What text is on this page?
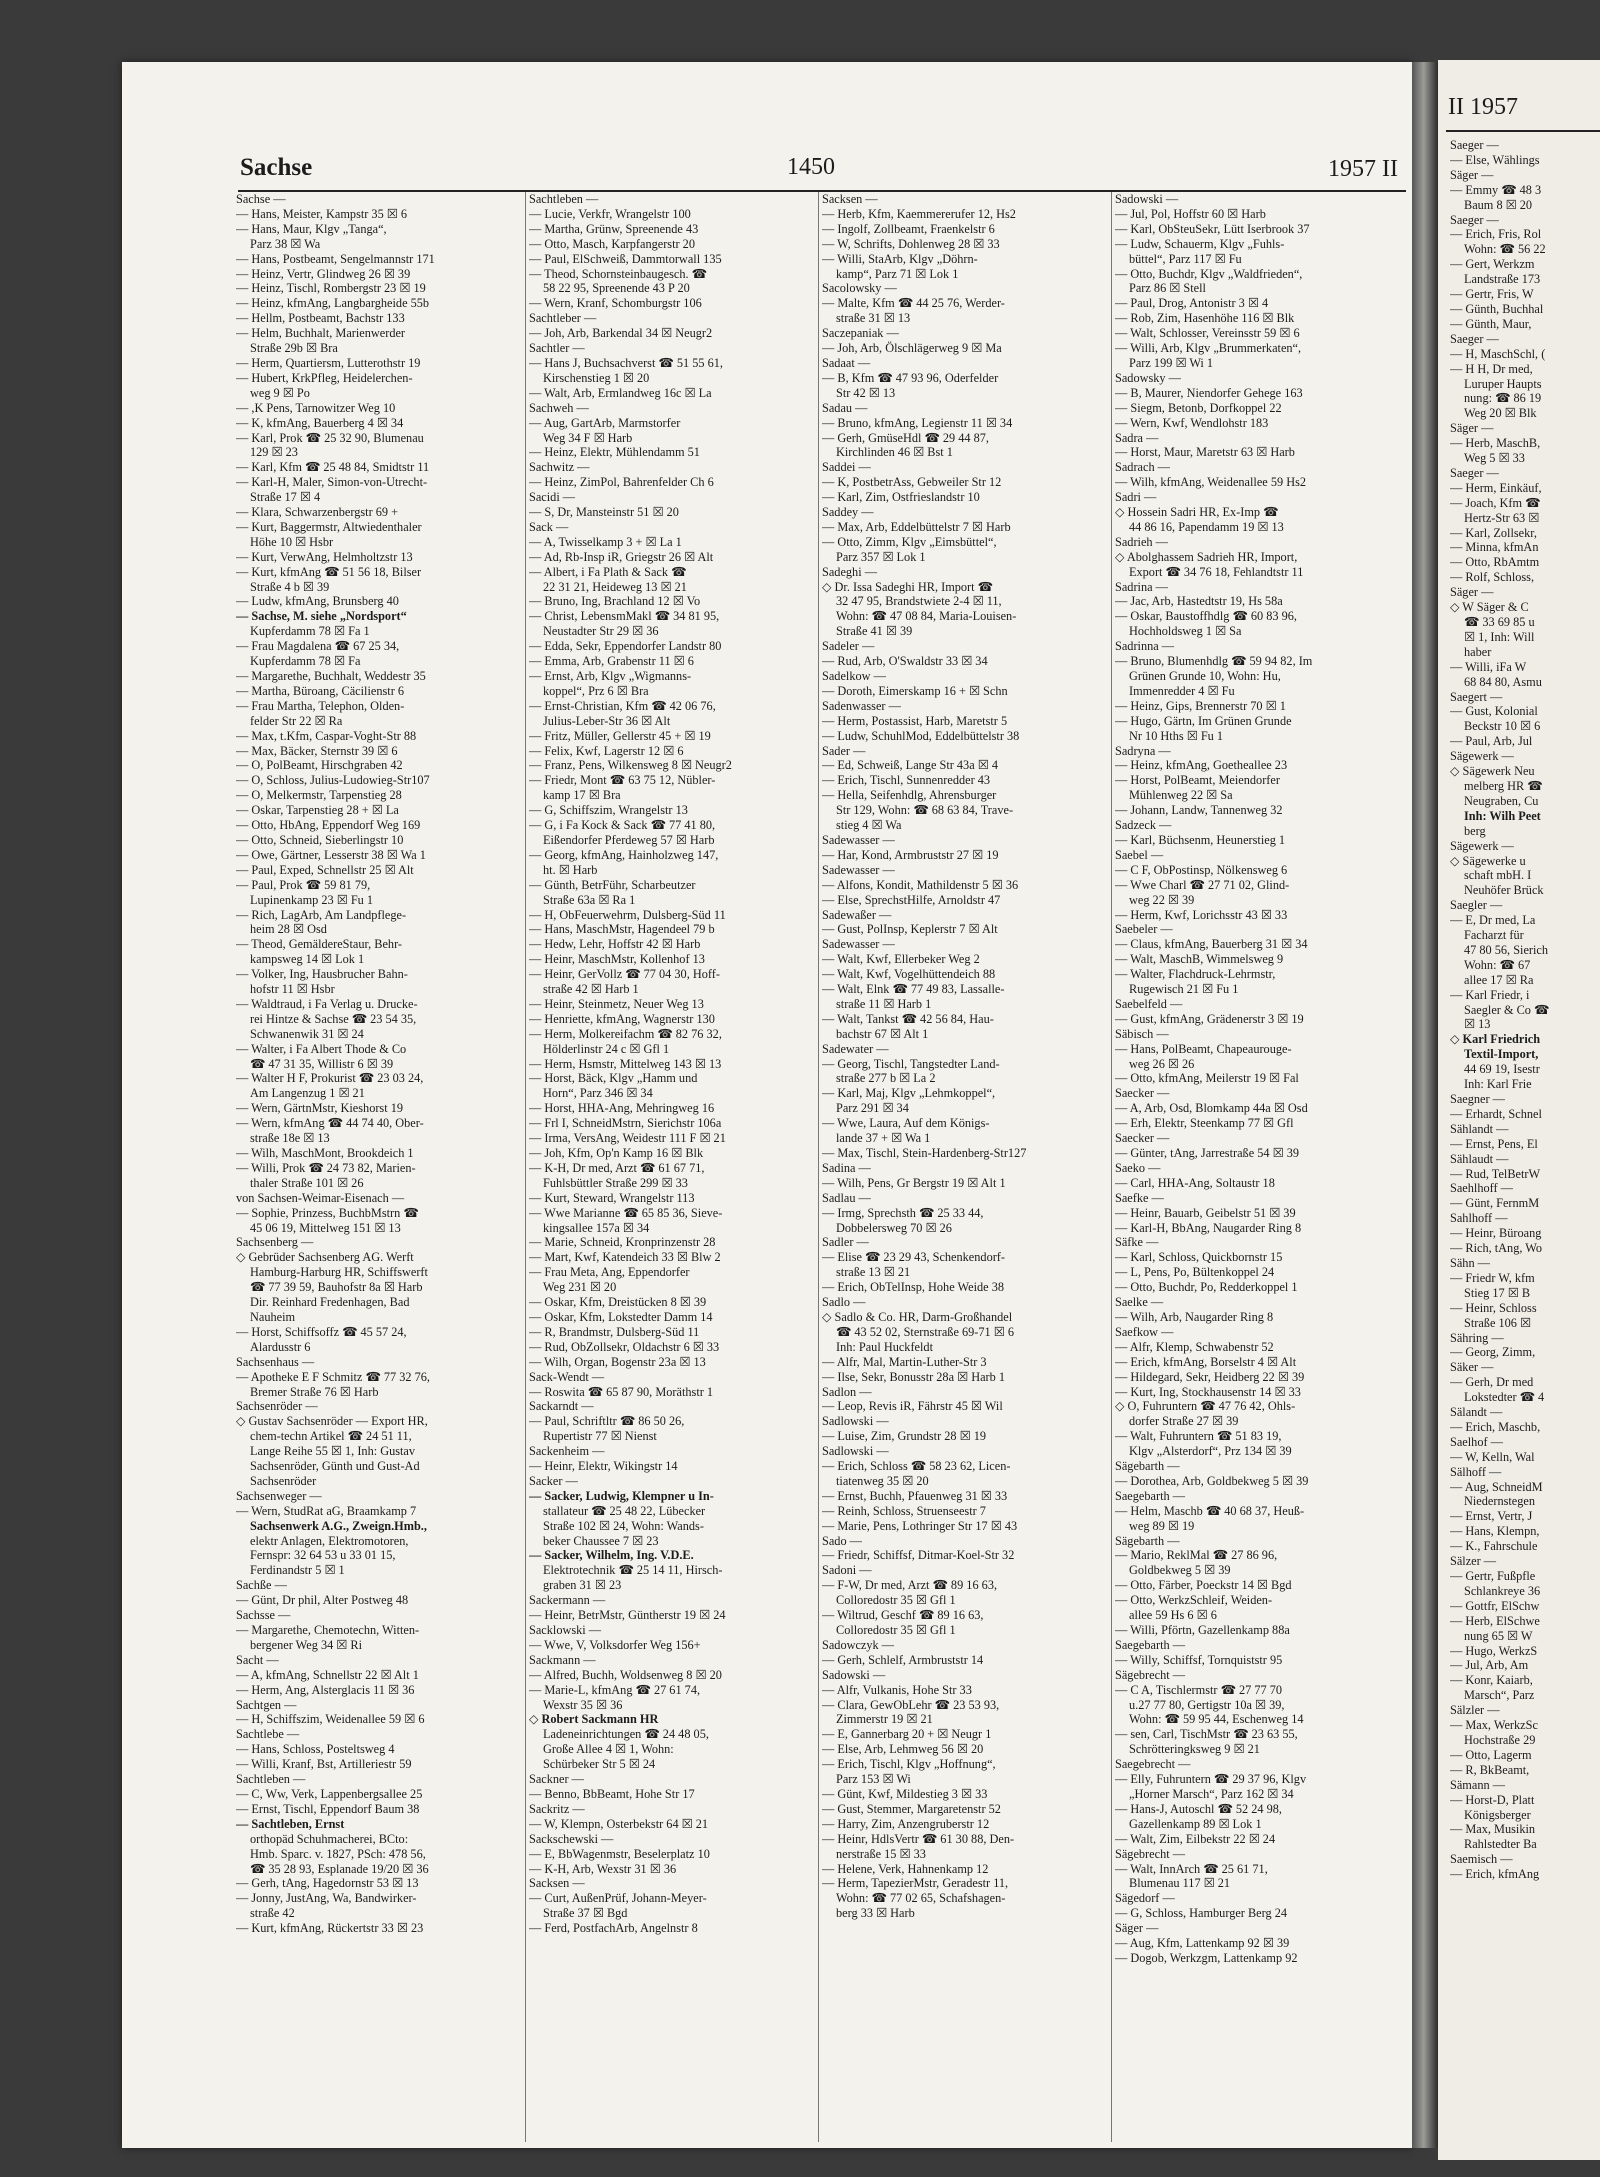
Sachse	1450	1957 II
Sachse —
— Hans, Meister, Kampstr 35 ☒ 6
— Hans, Maur, Klgv „Tanga“,
Parz 38 ☒ Wa
— Hans, Postbeamt, Sengelmannstr 171
— Heinz, Vertr, Glindweg 26 ☒ 39
— Heinz, Tischl, Rombergstr 23 ☒ 19
— Heinz, kfmAng, Langbargheide 55b
— Hellm, Postbeamt, Bachstr 133
— Helm, Buchhalt, Marienwerder
Straße 29b ☒ Bra
— Herm, Quartiersm, Lutterothstr 19
— Hubert, KrkPfleg, Heidelerchen-
weg 9 ☒ Po
— ,K Pens, Tarnowitzer Weg 10
— K, kfmAng, Bauerberg 4 ☒ 34
— Karl, Prok ☎ 25 32 90, Blumenau
129 ☒ 23
— Karl, Kfm ☎ 25 48 84, Smidtstr 11
— Karl-H, Maler, Simon-von-Utrecht-
Straße 17 ☒ 4
— Klara, Schwarzenbergstr 69 +
— Kurt, Baggermstr, Altwiedenthaler
Höhe 10 ☒ Hsbr
— Kurt, VerwAng, Helmholtzstr 13
— Kurt, kfmAng ☎ 51 56 18, Bilser
Straße 4 b ☒ 39
— Ludw, kfmAng, Brunsberg 40
— Sachse, M. siehe „Nordsport“
Kupferdamm 78 ☒ Fa 1
— Frau Magdalena ☎ 67 25 34,
Kupferdamm 78 ☒ Fa
— Margarethe, Buchhalt, Weddestr 35
— Martha, Büroang, Cäcilienstr 6
— Frau Martha, Telephon, Olden-
felder Str 22 ☒ Ra
— Max, t.Kfm, Caspar-Voght-Str 88
— Max, Bäcker, Sternstr 39 ☒ 6
— O, PolBeamt, Hirschgraben 42
— O, Schloss, Julius-Ludowieg-Str107
— O, Melkermstr, Tarpenstieg 28
— Oskar, Tarpenstieg 28 + ☒ La
— Otto, HbAng, Eppendorf Weg 169
— Otto, Schneid, Sieberlingstr 10
— Owe, Gärtner, Lesserstr 38 ☒ Wa 1
— Paul, Exped, Schnellstr 25 ☒ Alt
— Paul, Prok ☎ 59 81 79,
Lupinenkamp 23 ☒ Fu 1
— Rich, LagArb, Am Landpflege-
heim 28 ☒ Osd
— Theod, GemäldereStaur, Behr-
kampsweg 14 ☒ Lok 1
— Volker, Ing, Hausbrucher Bahn-
hofstr 11 ☒ Hsbr
— Waldtraud, i Fa Verlag u. Drucke-
rei Hintze & Sachse ☎ 23 54 35,
Schwanenwik 31 ☒ 24
— Walter, i Fa Albert Thode & Co
☎ 47 31 35, Willistr 6 ☒ 39
— Walter H F, Prokurist ☎ 23 03 24,
Am Langenzug 1 ☒ 21
— Wern, GärtnMstr, Kieshorst 19
— Wern, kfmAng ☎ 44 74 40, Ober-
straße 18e ☒ 13
— Wilh, MaschMont, Brookdeich 1
— Willi, Prok ☎ 24 73 82, Marien-
thaler Straße 101 ☒ 26
von Sachsen-Weimar-Eisenach —
— Sophie, Prinzess, BuchbMstrn ☎
45 06 19, Mittelweg 151 ☒ 13
Sachsenberg —
◇ Gebrüder Sachsenberg AG. Werft
Hamburg-Harburg HR, Schiffswerft
☎ 77 39 59, Bauhofstr 8a ☒ Harb
Dir. Reinhard Fredenhagen, Bad
Nauheim
— Horst, Schiffsoffz ☎ 45 57 24,
Alardusstr 6
Sachsenhaus —
— Apotheke E F Schmitz ☎ 77 32 76,
Bremer Straße 76 ☒ Harb
Sachsenröder —
◇ Gustav Sachsenröder — Export HR,
chem-techn Artikel ☎ 24 51 11,
Lange Reihe 55 ☒ 1, Inh: Gustav
Sachsenröder, Günth und Gust-Ad
Sachsenröder
Sachsenweger —
— Wern, StudRat aG, Braamkamp 7
Sachsenwerk A.G., Zweign.Hmb.,
elektr Anlagen, Elektromotoren,
Fernspr: 32 64 53 u 33 01 15,
Ferdinandstr 5 ☒ 1
Sachße —
— Günt, Dr phil, Alter Postweg 48
Sachsse —
— Margarethe, Chemotechn, Witten-
bergener Weg 34 ☒ Ri
Sacht —
— A, kfmAng, Schnellstr 22 ☒ Alt 1
— Herm, Ang, Alsterglacis 11 ☒ 36
Sachtgen —
— H, Schiffszim, Weidenallee 59 ☒ 6
Sachtlebe —
— Hans, Schloss, Posteltsweg 4
— Willi, Kranf, Bst, Artilleriestr 59
Sachtleben —
— C, Ww, Verk, Lappenbergsallee 25
— Ernst, Tischl, Eppendorf Baum 38
— Sachtleben, Ernst
orthopäd Schuhmacherei, BCto:
Hmb. Sparc. v. 1827, PSch: 478 56,
☎ 35 28 93, Esplanade 19/20 ☒ 36
— Gerh, tAng, Hagedornstr 53 ☒ 13
— Jonny, JustAng, Wa, Bandwirker-
straße 42
— Kurt, kfmAng, Rückertstr 33 ☒ 23
Sachtleben —
— Lucie, Verkfr, Wrangelstr 100
— Martha, Grünw, Spreenende 43
— Otto, Masch, Karpfangerstr 20
— Paul, ElSchweiß, Dammtorwall 135
— Theod, Schornsteinbaugesch. ☎
58 22 95, Spreenende 43 P 20
— Wern, Kranf, Schomburgstr 106
Sachtleber —
— Joh, Arb, Barkendal 34 ☒ Neugr2
Sachtler —
— Hans J, Buchsachverst ☎ 51 55 61,
Kirschenstieg 1 ☒ 20
— Walt, Arb, Ermlandweg 16c ☒ La
Sachweh —
— Aug, GartArb, Marmstorfer
Weg 34 F ☒ Harb
— Heinz, Elektr, Mühlendamm 51
Sachwitz —
— Heinz, ZimPol, Bahrenfelder Ch 6
Sacidi —
— S, Dr, Mansteinstr 51 ☒ 20
Sack —
— A, Twisselkamp 3 + ☒ La 1
— Ad, Rb-Insp iR, Griegstr 26 ☒ Alt
— Albert, i Fa Plath & Sack ☎
22 31 21, Heideweg 13 ☒ 21
— Bruno, Ing, Brachland 12 ☒ Vo
— Christ, LebensmMakl ☎ 34 81 95,
Neustadter Str 29 ☒ 36
— Edda, Sekr, Eppendorfer Landstr 80
— Emma, Arb, Grabenstr 11 ☒ 6
— Ernst, Arb, Klgv „Wigmanns-
koppel“, Prz 6 ☒ Bra
— Ernst-Christian, Kfm ☎ 42 06 76,
Julius-Leber-Str 36 ☒ Alt
— Fritz, Müller, Gellerstr 45 + ☒ 19
— Felix, Kwf, Lagerstr 12 ☒ 6
— Franz, Pens, Wilkensweg 8 ☒ Neugr2
— Friedr, Mont ☎ 63 75 12, Nübler-
kamp 17 ☒ Bra
— G, Schiffszim, Wrangelstr 13
— G, i Fa Kock & Sack ☎ 77 41 80,
Eißendorfer Pferdeweg 57 ☒ Harb
— Georg, kfmAng, Hainholzweg 147,
ht. ☒ Harb
— Günth, BetrFühr, Scharbeutzer
Straße 63a ☒ Ra 1
— H, ObFeuerwehrm, Dulsberg-Süd 11
— Hans, MaschMstr, Hagendeel 79 b
— Hedw, Lehr, Hoffstr 42 ☒ Harb
— Heinr, MaschMstr, Kollenhof 13
— Heinr, GerVollz ☎ 77 04 30, Hoff-
straße 42 ☒ Harb 1
— Heinr, Steinmetz, Neuer Weg 13
— Henriette, kfmAng, Wagnerstr 130
— Herm, Molkereifachm ☎ 82 76 32,
Hölderlinstr 24 c ☒ Gfl 1
— Herm, Hsmstr, Mittelweg 143 ☒ 13
— Horst, Bäck, Klgv „Hamm und
Horn“, Parz 346 ☒ 34
— Horst, HHA-Ang, Mehringweg 16
— Frl I, SchneidMstrn, Sierichstr 106a
— Irma, VersAng, Weidestr 111 F ☒ 21
— Joh, Kfm, Op'n Kamp 16 ☒ Blk
— K-H, Dr med, Arzt ☎ 61 67 71,
Fuhlsbüttler Straße 299 ☒ 33
— Kurt, Steward, Wrangelstr 113
— Wwe Marianne ☎ 65 85 36, Sieve-
kingsallee 157a ☒ 34
— Marie, Schneid, Kronprinzenstr 28
— Mart, Kwf, Katendeich 33 ☒ Blw 2
— Frau Meta, Ang, Eppendorfer
Weg 231 ☒ 20
— Oskar, Kfm, Dreistücken 8 ☒ 39
— Oskar, Kfm, Lokstedter Damm 14
— R, Brandmstr, Dulsberg-Süd 11
— Rud, ObZollsekr, Oldachstr 6 ☒ 33
— Wilh, Organ, Bogenstr 23a ☒ 13
Sack-Wendt —
— Roswita ☎ 65 87 90, Moräthstr 1
Sackarndt —
— Paul, Schriftltr ☎ 86 50 26,
Rupertistr 77 ☒ Nienst
Sackenheim —
— Heinr, Elektr, Wikingstr 14
Sacker —
— Sacker, Ludwig, Klempner u In-
stallateur ☎ 25 48 22, Lübecker
Straße 102 ☒ 24, Wohn: Wands-
beker Chaussee 7 ☒ 23
— Sacker, Wilhelm, Ing. V.D.E.
Elektrotechnik ☎ 25 14 11, Hirsch-
graben 31 ☒ 23
Sackermann —
— Heinr, BetrMstr, Güntherstr 19 ☒ 24
Sacklowski —
— Wwe, V, Volksdorfer Weg 156+
Sackmann —
— Alfred, Buchh, Woldsenweg 8 ☒ 20
— Marie-L, kfmAng ☎ 27 61 74,
Wexstr 35 ☒ 36
◇ Robert Sackmann HR
Ladeneinrichtungen ☎ 24 48 05,
Große Allee 4 ☒ 1, Wohn:
Schürbeker Str 5 ☒ 24
Sackner —
— Benno, BbBeamt, Hohe Str 17
Sackritz —
— W, Klempn, Osterbekstr 64 ☒ 21
Sackschewski —
— E, BbWagenmstr, Beselerplatz 10
— K-H, Arb, Wexstr 31 ☒ 36
Sacksen —
— Curt, AußenPrüf, Johann-Meyer-
Straße 37 ☒ Bgd
— Ferd, PostfachArb, Angelnstr 8
Sacksen —
— Herb, Kfm, Kaemmererufer 12, Hs2
— Ingolf, Zollbeamt, Fraenkelstr 6
— W, Schrifts, Dohlenweg 28 ☒ 33
— Willi, StaArb, Klgv „Döhrn-
kamp“, Parz 71 ☒ Lok 1
Sacolowsky —
— Malte, Kfm ☎ 44 25 76, Werder-
straße 31 ☒ 13
Saczepaniak —
— Joh, Arb, Ölschlägerweg 9 ☒ Ma
Sadaat —
— B, Kfm ☎ 47 93 96, Oderfelder
Str 42 ☒ 13
Sadau —
— Bruno, kfmAng, Legienstr 11 ☒ 34
— Gerh, GmüseHdl ☎ 29 44 87,
Kirchlinden 46 ☒ Bst 1
Saddei —
— K, PostbetrAss, Gebweiler Str 12
— Karl, Zim, Ostfrieslandstr 10
Saddey —
— Max, Arb, Eddelbüttelstr 7 ☒ Harb
— Otto, Zimm, Klgv „Eimsbüttel“,
Parz 357 ☒ Lok 1
Sadeghi —
◇ Dr. Issa Sadeghi HR, Import ☎
32 47 95, Brandstwiete 2-4 ☒ 11,
Wohn: ☎ 47 08 84, Maria-Louisen-
Straße 41 ☒ 39
Sadeler —
— Rud, Arb, O'Swaldstr 33 ☒ 34
Sadelkow —
— Doroth, Eimerskamp 16 + ☒ Schn
Sadenwasser —
— Herm, Postassist, Harb, Maretstr 5
— Ludw, SchuhlMod, Eddelbüttelstr 38
Sader —
— Ed, Schweiß, Lange Str 43a ☒ 4
— Erich, Tischl, Sunnenredder 43
— Hella, Seifenhdlg, Ahrensburger
Str 129, Wohn: ☎ 68 63 84, Trave-
stieg 4 ☒ Wa
Sadewasser —
— Har, Kond, Armbruststr 27 ☒ 19
Sadewasser —
— Alfons, Kondit, Mathildenstr 5 ☒ 36
— Else, SprechstHilfe, Arnoldstr 47
Sadewaßer —
— Gust, PolInsp, Keplerstr 7 ☒ Alt
Sadewasser —
— Walt, Kwf, Ellerbeker Weg 2
— Walt, Kwf, Vogelhüttendeich 88
— Walt, Elnk ☎ 77 49 83, Lassalle-
straße 11 ☒ Harb 1
— Walt, Tankst ☎ 42 56 84, Hau-
bachstr 67 ☒ Alt 1
Sadewater —
— Georg, Tischl, Tangstedter Land-
straße 277 b ☒ La 2
— Karl, Maj, Klgv „Lehmkoppel“,
Parz 291 ☒ 34
— Wwe, Laura, Auf dem Königs-
lande 37 + ☒ Wa 1
— Max, Tischl, Stein-Hardenberg-Str127
Sadina —
— Wilh, Pens, Gr Bergstr 19 ☒ Alt 1
Sadlau —
— Irmg, Sprechsth ☎ 25 33 44,
Dobbelersweg 70 ☒ 26
Sadler —
— Elise ☎ 23 29 43, Schenkendorf-
straße 13 ☒ 21
— Erich, ObTelInsp, Hohe Weide 38
Sadlo —
◇ Sadlo & Co. HR, Darm-Großhandel
☎ 43 52 02, Sternstraße 69-71 ☒ 6
Inh: Paul Huckfeldt
— Alfr, Mal, Martin-Luther-Str 3
— Ilse, Sekr, Bonusstr 28a ☒ Harb 1
Sadlon —
— Leop, Revis iR, Fährstr 45 ☒ Wil
Sadlowski —
— Luise, Zim, Grundstr 28 ☒ 19
Sadlowski —
— Erich, Schloss ☎ 58 23 62, Licen-
tiatenweg 35 ☒ 20
— Ernst, Buchh, Pfauenweg 31 ☒ 33
— Reinh, Schloss, Struenseestr 7
— Marie, Pens, Lothringer Str 17 ☒ 43
Sado —
— Friedr, Schiffsf, Ditmar-Koel-Str 32
Sadoni —
— F-W, Dr med, Arzt ☎ 89 16 63,
Colloredostr 35 ☒ Gfl 1
— Wiltrud, Geschf ☎ 89 16 63,
Colloredostr 35 ☒ Gfl 1
Sadowczyk —
— Gerh, Schlelf, Armbruststr 14
Sadowski —
— Alfr, Vulkanis, Hohe Str 33
— Clara, GewObLehr ☎ 23 53 93,
Zimmerstr 19 ☒ 21
— E, Gannerbarg 20 + ☒ Neugr 1
— Else, Arb, Lehmweg 56 ☒ 20
— Erich, Tischl, Klgv „Hoffnung“,
Parz 153 ☒ Wi
— Günt, Kwf, Mildestieg 3 ☒ 33
— Gust, Stemmer, Margaretenstr 52
— Harry, Zim, Anzengruberstr 12
— Heinr, HdlsVertr ☎ 61 30 88, Den-
nerstraße 15 ☒ 33
— Helene, Verk, Hahnenkamp 12
— Herm, TapezierMstr, Geradestr 11,
Wohn: ☎ 77 02 65, Schafshagen-
berg 33 ☒ Harb
Sadowski —
— Jul, Pol, Hoffstr 60 ☒ Harb
— Karl, ObSteuSekr, Lütt Iserbrook 37
— Ludw, Schauerm, Klgv „Fuhls-
büttel“, Parz 117 ☒ Fu
— Otto, Buchdr, Klgv „Waldfrieden“,
Parz 86 ☒ Stell
— Paul, Drog, Antonistr 3 ☒ 4
— Rob, Zim, Hasenhöhe 116 ☒ Blk
— Walt, Schlosser, Vereinsstr 59 ☒ 6
— Willi, Arb, Klgv „Brummerkaten“,
Parz 199 ☒ Wi 1
Sadowsky —
— B, Maurer, Niendorfer Gehege 163
— Siegm, Betonb, Dorfkoppel 22
— Wern, Kwf, Wendlohstr 183
Sadra —
— Horst, Maur, Maretstr 63 ☒ Harb
Sadrach —
— Wilh, kfmAng, Weidenallee 59 Hs2
Sadri —
◇ Hossein Sadri HR, Ex-Imp ☎
44 86 16, Papendamm 19 ☒ 13
Sadrieh —
◇ Abolghassem Sadrieh HR, Import,
Export ☎ 34 76 18, Fehlandtstr 11
Sadrina —
— Jac, Arb, Hastedtstr 19, Hs 58a
— Oskar, Baustoffhdlg ☎ 60 83 96,
Hochholdsweg 1 ☒ Sa
Sadrinna —
— Bruno, Blumenhdlg ☎ 59 94 82, Im
Grünen Grunde 10, Wohn: Hu,
Immenredder 4 ☒ Fu
— Heinz, Gips, Brennerstr 70 ☒ 1
— Hugo, Gärtn, Im Grünen Grunde
Nr 10 Hths ☒ Fu 1
Sadryna —
— Heinz, kfmAng, Goetheallee 23
— Horst, PolBeamt, Meiendorfer
Mühlenweg 22 ☒ Sa
— Johann, Landw, Tannenweg 32
Sadzeck —
— Karl, Büchsenm, Heunerstieg 1
Saebel —
— C F, ObPostinsp, Nölkensweg 6
— Wwe Charl ☎ 27 71 02, Glind-
weg 22 ☒ 39
— Herm, Kwf, Lorichsstr 43 ☒ 33
Saebeler —
— Claus, kfmAng, Bauerberg 31 ☒ 34
— Walt, MaschB, Wimmelsweg 9
— Walter, Flachdruck-Lehrmstr,
Rugewisch 21 ☒ Fu 1
Saebelfeld —
— Gust, kfmAng, Grädenerstr 3 ☒ 19
Säbisch —
— Hans, PolBeamt, Chapeaurouge-
weg 26 ☒ 26
— Otto, kfmAng, Meilerstr 19 ☒ Fal
Saecker —
— A, Arb, Osd, Blomkamp 44a ☒ Osd
— Erh, Elektr, Steenkamp 77 ☒ Gfl
Saecker —
— Günter, tAng, Jarrestraße 54 ☒ 39
Saeko —
— Carl, HHA-Ang, Soltaustr 18
Saefke —
— Heinr, Bauarb, Geibelstr 51 ☒ 39
— Karl-H, BbAng, Naugarder Ring 8
Säfke —
— Karl, Schloss, Quickbornstr 15
— L, Pens, Po, Bültenkoppel 24
— Otto, Buchdr, Po, Redderkoppel 1
Saelke —
— Wilh, Arb, Naugarder Ring 8
Saefkow —
— Alfr, Klemp, Schwabenstr 52
— Erich, kfmAng, Borselstr 4 ☒ Alt
— Hildegard, Sekr, Heidberg 22 ☒ 39
— Kurt, Ing, Stockhausenstr 14 ☒ 33
◇ O, Fuhruntern ☎ 47 76 42, Ohls-
dorfer Straße 27 ☒ 39
— Walt, Fuhruntern ☎ 51 83 19,
Klgv „Alsterdorf“, Prz 134 ☒ 39
Sägebarth —
— Dorothea, Arb, Goldbekweg 5 ☒ 39
Saegebarth —
— Helm, Maschb ☎ 40 68 37, Heuß-
weg 89 ☒ 19
Sägebarth —
— Mario, ReklMal ☎ 27 86 96,
Goldbekweg 5 ☒ 39
— Otto, Färber, Poeckstr 14 ☒ Bgd
— Otto, WerkzSchleif, Weiden-
allee 59 Hs 6 ☒ 6
— Willi, Pförtn, Gazellenkamp 88a
Saegebarth —
— Willy, Schiffsf, Tornquiststr 95
Sägebrecht —
— C A, Tischlermstr ☎ 27 77 70
u.27 77 80, Gertigstr 10a ☒ 39,
Wohn: ☎ 59 95 44, Eschenweg 14
— sen, Carl, TischMstr ☎ 23 63 55,
Schrötteringksweg 9 ☒ 21
Saegebrecht —
— Elly, Fuhruntern ☎ 29 37 96, Klgv
„Horner Marsch“, Parz 162 ☒ 34
— Hans-J, Autoschl ☎ 52 24 98,
Gazellenkamp 89 ☒ Lok 1
— Walt, Zim, Eilbekstr 22 ☒ 24
Sägebrecht —
— Walt, InnArch ☎ 25 61 71,
Blumenau 117 ☒ 21
Sägedorf —
— G, Schloss, Hamburger Berg 24
Säger —
— Aug, Kfm, Lattenkamp 92 ☒ 39
— Dogob, Werkzgm, Lattenkamp 92
II 1957
Saeger —
— Else, Wählings
Säger —
— Emmy ☎ 48 3
Baum 8 ☒ 20
Saeger —
— Erich, Fris, Rol
Wohn: ☎ 56 22
— Gert, Werkzm
Landstraße 173
— Gertr, Fris, W
— Günth, Buchhal
— Günth, Maur,
Saeger —
— H, MaschSchl, (
— H H, Dr med,
Luruper Haupts
nung: ☎ 86 19
Weg 20 ☒ Blk
Säger —
— Herb, MaschB,
Weg 5 ☒ 33
Saeger —
— Herm, Einkäuf,
— Joach, Kfm ☎
Hertz-Str 63 ☒
— Karl, Zollsekr,
— Minna, kfmAn
— Otto, RbAmtm
— Rolf, Schloss,
Säger —
◇ W Säger & C
☎ 33 69 85 u
☒ 1, Inh: Will
haber
— Willi, iFa W
68 84 80, Asmu
Saegert —
— Gust, Kolonial
Beckstr 10 ☒ 6
— Paul, Arb, Jul
Sägewerk —
◇ Sägewerk Neu
melberg HR ☎
Neugraben, Cu
Inh: Wilh Peet
berg
Sägewerk —
◇ Sägewerke u
schaft mbH. I
Neuhöfer Brück
Saegler —
— E, Dr med, La
Facharzt für
47 80 56, Sierich
Wohn: ☎ 67
allee 17 ☒ Ra
— Karl Friedr, i
Saegler & Co ☎
☒ 13
◇ Karl Friedrich
Textil-Import,
44 69 19, Isestr
Inh: Karl Frie
Saegner —
— Erhardt, Schnel
Sählandt —
— Ernst, Pens, El
Sählaudt —
— Rud, TelBetrW
Saehlhoff —
— Günt, FernmM
Sahlhoff —
— Heinr, Büroang
— Rich, tAng, Wo
Sähn —
— Friedr W, kfm
Stieg 17 ☒ B
— Heinr, Schloss
Straße 106 ☒
Sähring —
— Georg, Zimm,
Säker —
— Gerh, Dr med
Lokstedter ☎ 4
Sälandt —
— Erich, Maschb,
Saelhof —
— W, Kelln, Wal
Sälhoff —
— Aug, SchneidM
Niedernstegen
— Ernst, Vertr, J
— Hans, Klempn,
— K., Fahrschule
Sälzer —
— Gertr, Fußpfle
Schlankreye 36
— Gottfr, ElSchw
— Herb, ElSchwe
nung 65 ☒ W
— Hugo, WerkzS
— Jul, Arb, Am
— Konr, Kaiarb,
Marsch“, Parz
Sälzler —
— Max, WerkzSc
Hochstraße 29
— Otto, Lagerm
— R, BkBeamt,
Sämann —
— Horst-D, Platt
Königsberger
— Max, Musikin
Rahlstedter Ba
Saemisch —
— Erich, kfmAng
